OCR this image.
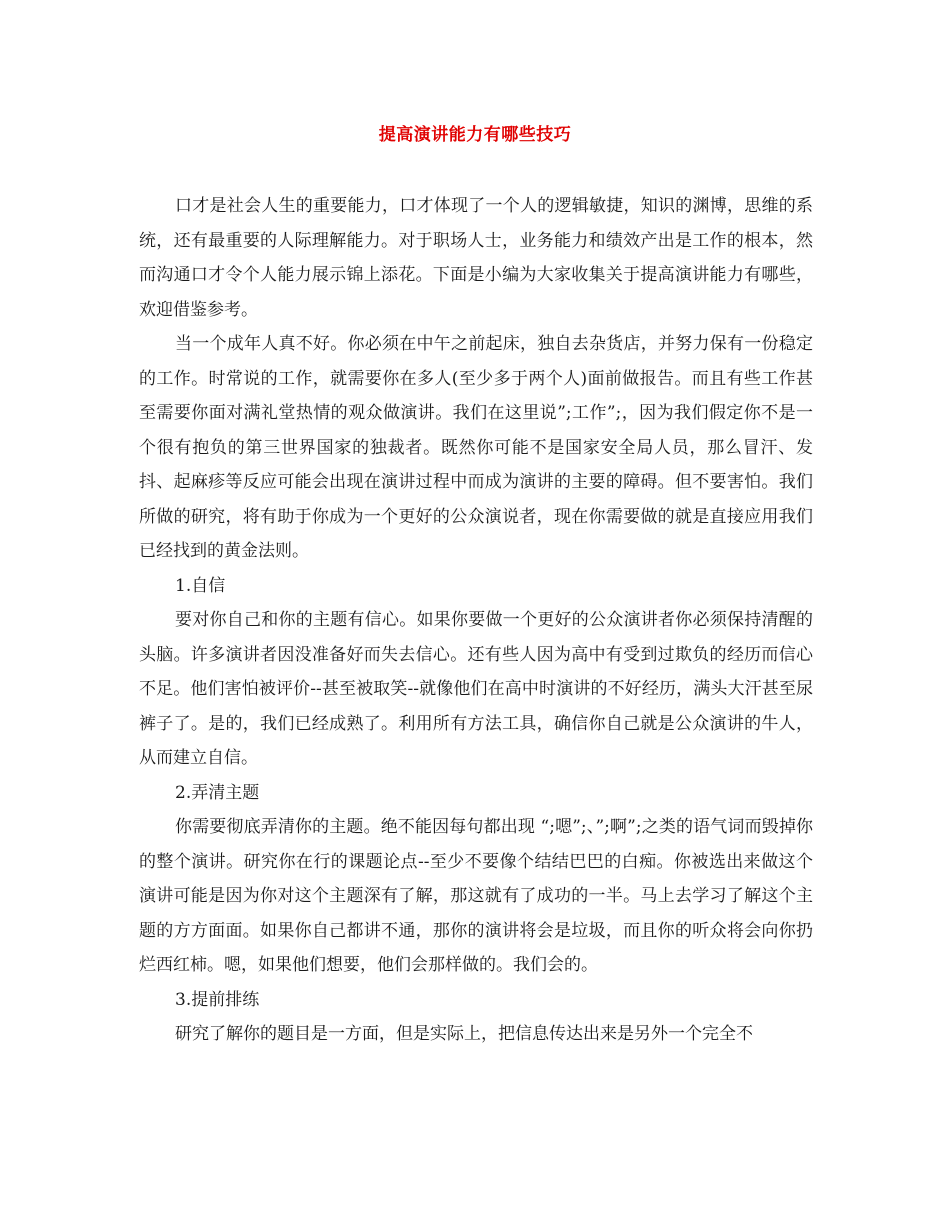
提高演讲能力有哪些技巧

口才是社会人生的重要能力，口才体现了一个人的逻辑敏捷，知识的渊博，思维的系统，还有最重要的人际理解能力。对于职场人士，业务能力和绩效产出是工作的根本，然而沟通口才令个人能力展示锦上添花。下面是小编为大家收集关于提高演讲能力有哪些，欢迎借鉴参考。

当一个成年人真不好。你必须在中午之前起床，独自去杂货店，并努力保有一份稳定的工作。时常说的工作，就需要你在多人(至少多于两个人)面前做报告。而且有些工作甚至需要你面对满礼堂热情的观众做演讲。我们在这里说”;工作”;，因为我们假定你不是一个很有抱负的第三世界国家的独裁者。既然你可能不是国家安全局人员，那么冒汗、发抖、起麻疹等反应可能会出现在演讲过程中而成为演讲的主要的障碍。但不要害怕。我们所做的研究，将有助于你成为一个更好的公众演说者，现在你需要做的就是直接应用我们已经找到的黄金法则。

1.自信

要对你自己和你的主题有信心。如果你要做一个更好的公众演讲者你必须保持清醒的头脑。许多演讲者因没准备好而失去信心。还有些人因为高中有受到过欺负的经历而信心不足。他们害怕被评价--甚至被取笑--就像他们在高中时演讲的不好经历，满头大汗甚至尿裤子了。是的，我们已经成熟了。利用所有方法工具，确信你自己就是公众演讲的牛人，从而建立自信。

2.弄清主题

你需要彻底弄清你的主题。绝不能因每句都出现 “;嗯”;、”;啊”;之类的语气词而毁掉你的整个演讲。研究你在行的课题论点--至少不要像个结结巴巴的白痴。你被选出来做这个演讲可能是因为你对这个主题深有了解，那这就有了成功的一半。马上去学习了解这个主题的方方面面。如果你自己都讲不通，那你的演讲将会是垃圾，而且你的听众将会向你扔烂西红柿。嗯，如果他们想要，他们会那样做的。我们会的。

3.提前排练

研究了解你的题目是一方面，但是实际上，把信息传达出来是另外一个完全不
